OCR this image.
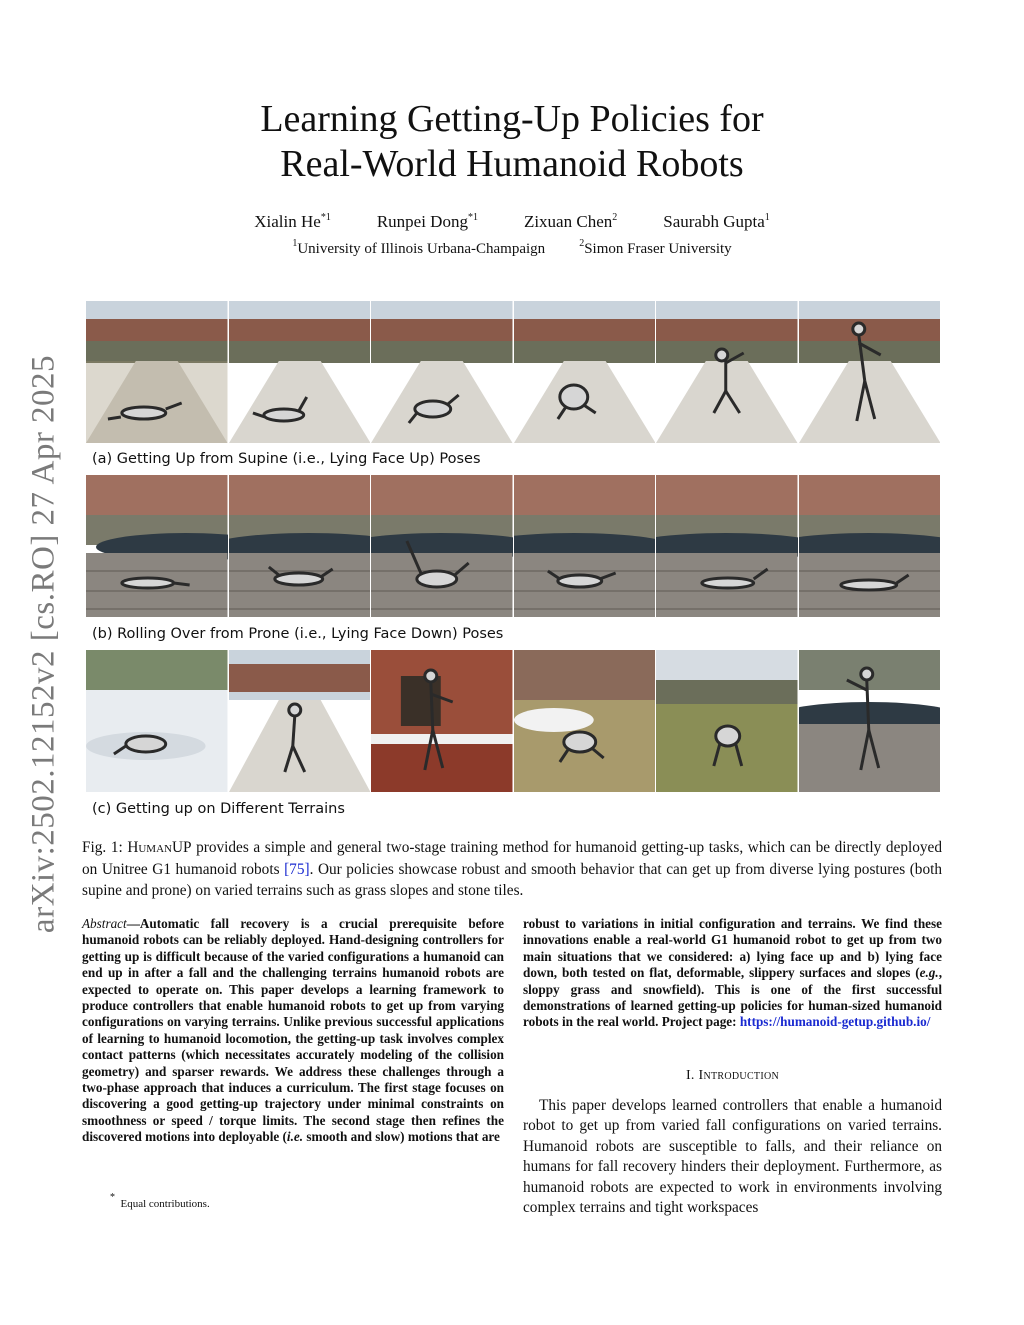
arXiv:2502.12152v2 [cs.RO] 27 Apr 2025
Learning Getting-Up Policies for
Real-World Humanoid Robots
Xialin He$^{*1}$	Runpei Dong$^{*1}$	Zixuan Chen$^2$	Saurabh Gupta$^1$
$^1$University of Illinois Urbana-Champaign	$^2$Simon Fraser University
(a) Getting Up from Supine (i.e., Lying Face Up) Poses
(b) Rolling Over from Prone (i.e., Lying Face Down) Poses
(c) Getting up on Different Terrains
Fig. 1: HumanUP provides a simple and general two-stage training method for humanoid getting-up tasks, which can be directly deployed on Unitree G1 humanoid robots [75]. Our policies showcase robust and smooth behavior that can get up from diverse lying postures (both supine and prone) on varied terrains such as grass slopes and stone tiles.
Abstract—Automatic fall recovery is a crucial prerequisite before humanoid robots can be reliably deployed. Hand-designing controllers for getting up is difficult because of the varied configurations a humanoid can end up in after a fall and the challenging terrains humanoid robots are expected to operate on. This paper develops a learning framework to produce controllers that enable humanoid robots to get up from varying configurations on varying terrains. Unlike previous successful applications of learning to humanoid locomotion, the getting-up task involves complex contact patterns (which necessitates accurately modeling of the collision geometry) and sparser rewards. We address these challenges through a two-phase approach that induces a curriculum. The first stage focuses on discovering a good getting-up trajectory under minimal constraints on smoothness or speed / torque limits. The second stage then refines the discovered motions into deployable (i.e. smooth and slow) motions that are
*  Equal contributions.
robust to variations in initial configuration and terrains. We find these innovations enable a real-world G1 humanoid robot to get up from two main situations that we considered: a) lying face up and b) lying face down, both tested on flat, deformable, slippery surfaces and slopes (e.g., sloppy grass and snowfield). This is one of the first successful demonstrations of learned getting-up policies for human-sized humanoid robots in the real world. Project page: https://humanoid-getup.github.io/
I. Introduction
This paper develops learned controllers that enable a humanoid robot to get up from varied fall configurations on varied terrains. Humanoid robots are susceptible to falls, and their reliance on humans for fall recovery hinders their deployment. Furthermore, as humanoid robots are expected to work in environments involving complex terrains and tight workspaces
